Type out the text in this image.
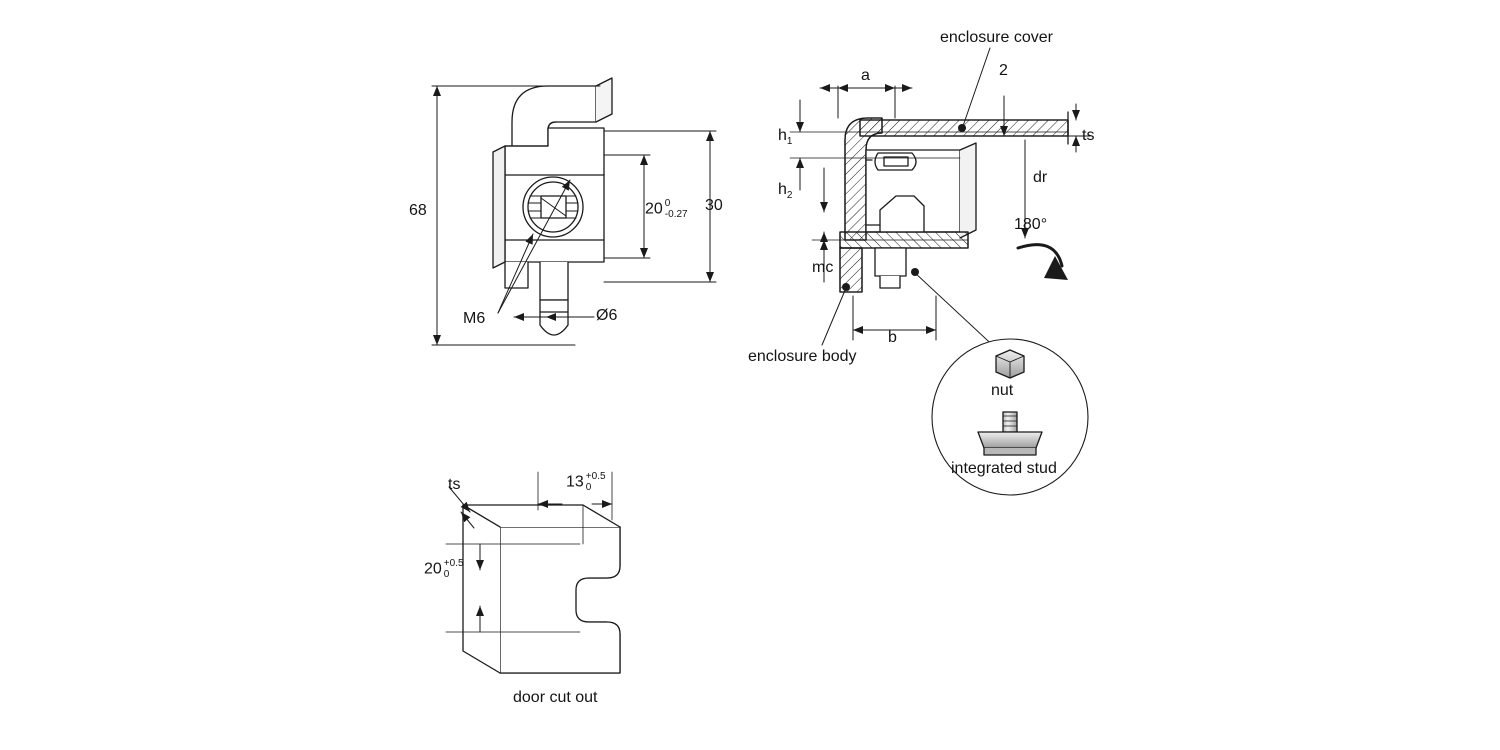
68	30
20 0
-0.27
M6	Ø6
enclosure cover
enclosure body
180°
a
b
2
ts
dr
mc
$h_1$
$h_2$
nut
integrated stud
ts	13 +0.5
0
20 +0.5
0
door cut out
